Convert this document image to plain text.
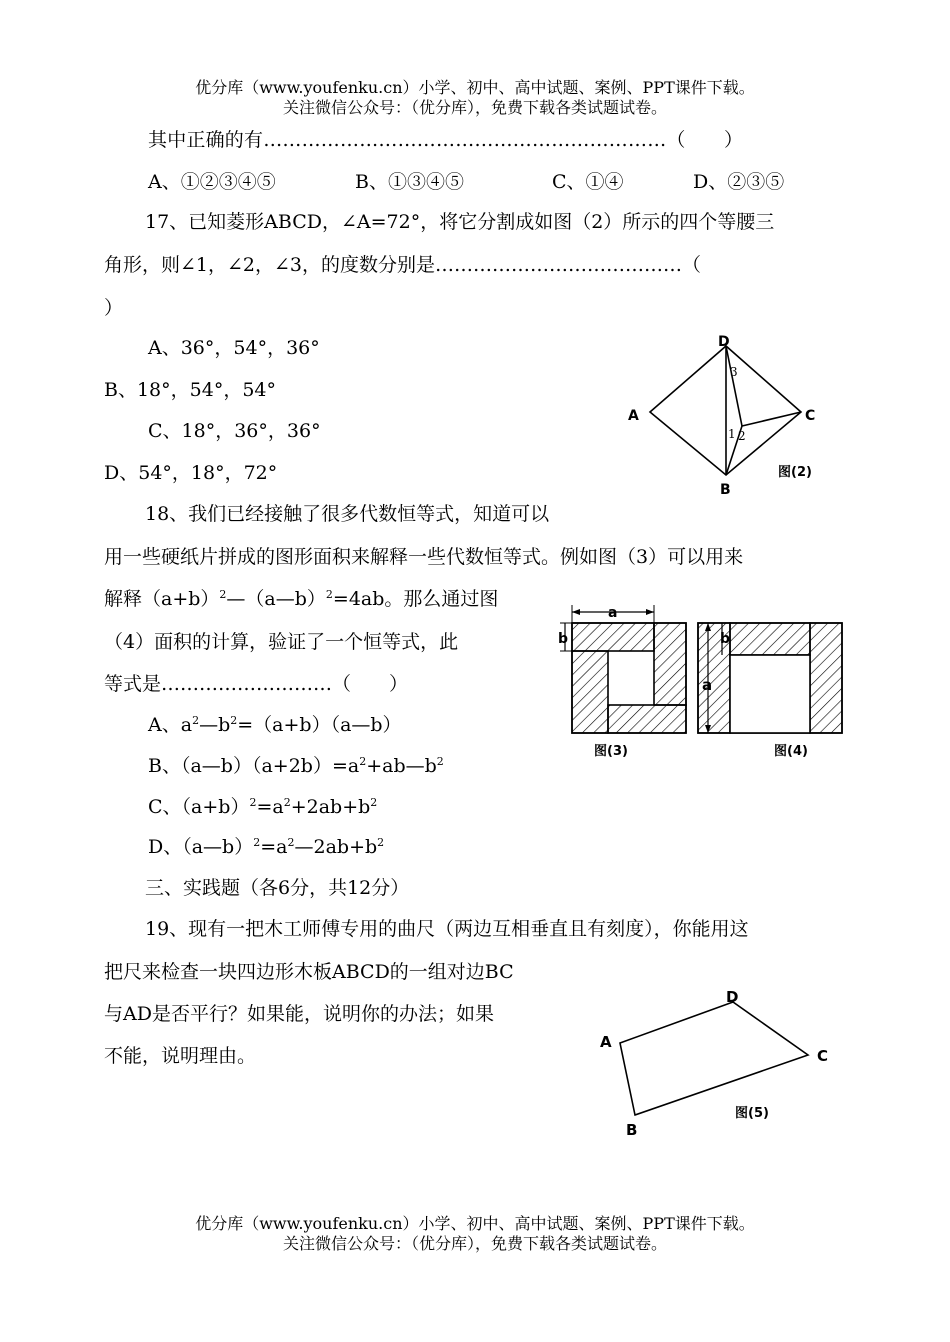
优分库（www.youfenku.cn）小学、初中、高中试题、案例、PPT课件下载。
关注微信公众号：（优分库），免费下载各类试题试卷。
其中正确的有………………………………………………………（　　）
A、①②③④⑤	B、①③④⑤	C、①④	D、②③⑤
17、已知菱形ABCD，∠A=72°，将它分割成如图（2）所示的四个等腰三
角形，则∠1，∠2，∠3，的度数分别是…………………………………（
）
A、36°，54°，36°
B、18°，54°，54°
C、18°，36°，36°
D、54°，18°，72°
D
A	C
B
3
1 2
图(2)
18、我们已经接触了很多代数恒等式，知道可以
用一些硬纸片拼成的图形面积来解释一些代数恒等式。例如图（3）可以用来
解释$(a+b)^2—(a—b)^2=4ab$。那么通过图
（4）面积的计算，验证了一个恒等式，此
等式是………………………（　　）
A、$a^2—b^2=(a+b)(a—b)$
B、$(a—b)(a+2b)=a^2+ab—b^2$
C、$(a+b)^2=a^2+2ab+b^2$
D、$(a—b)^2=a^2—2ab+b^2$
a
b
图(3)
a
b
图(4)
三、实践题（各6分，共12分）
19、现有一把木工师傅专用的曲尺（两边互相垂直且有刻度），你能用这
把尺来检查一块四边形木板ABCD的一组对边BC
与AD是否平行？如果能，说明你的办法；如果
不能，说明理由。
A
D
C
B
图(5)
优分库（www.youfenku.cn）小学、初中、高中试题、案例、PPT课件下载。
关注微信公众号：（优分库），免费下载各类试题试卷。
